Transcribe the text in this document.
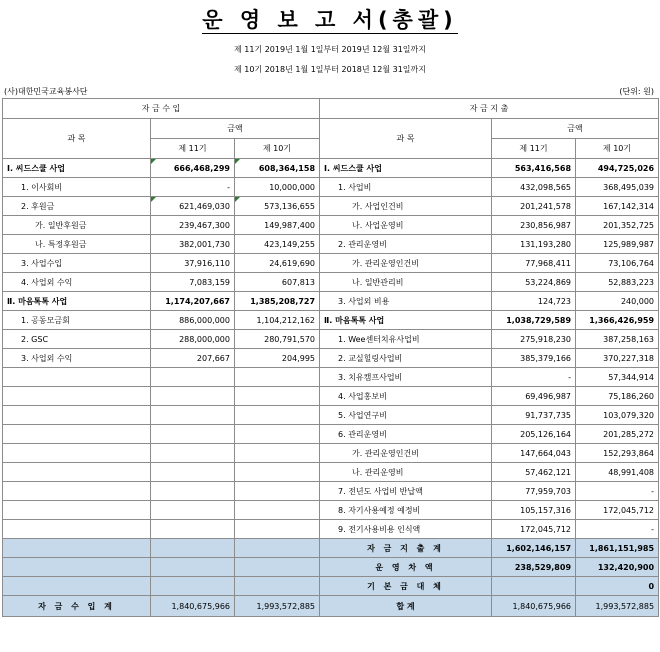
운 영 보 고 서(총괄)
제 11기 2019년 1월 1일부터 2019년 12월 31일까지
제 10기 2018년 1월 1일부터 2018년 12월 31일까지
(사)대한민국교육봉사단	(단위: 원)
자 금 수 입			자 금 지 출		
과 목	금액		과 목	금액	
	제 11기	제 10기		제 11기	제 10기
Ⅰ. 씨드스쿨 사업	666,468,299	608,364,158	Ⅰ. 씨드스쿨 사업	563,416,568	494,725,026
1. 이사회비	-	10,000,000	1. 사업비	432,098,565	368,495,039
2. 후원금	621,469,030	573,136,655	가. 사업인건비	201,241,578	167,142,314
가. 일반후원금	239,467,300	149,987,400	나. 사업운영비	230,856,987	201,352,725
나. 특정후원금	382,001,730	423,149,255	2. 관리운영비	131,193,280	125,989,987
3. 사업수입	37,916,110	24,619,690	가. 관리운영인건비	77,968,411	73,106,764
4. 사업외 수익	7,083,159	607,813	나. 일반관리비	53,224,869	52,883,223
Ⅱ. 마음톡톡 사업	1,174,207,667	1,385,208,727	3. 사업외 비용	124,723	240,000
1. 공동모금회	886,000,000	1,104,212,162	Ⅱ. 마음톡톡 사업	1,038,729,589	1,366,426,959
2. GSC	288,000,000	280,791,570	1. Wee센터치유사업비	275,918,230	387,258,163
3. 사업외 수익	207,667	204,995	2. 교실힐링사업비	385,379,166	370,227,318
			3. 치유캠프사업비	-	57,344,914
			4. 사업홍보비	69,496,987	75,186,260
			5. 사업연구비	91,737,735	103,079,320
			6. 관리운영비	205,126,164	201,285,272
			가. 관리운영인건비	147,664,043	152,293,864
			나. 관리운영비	57,462,121	48,991,408
			7. 전년도 사업비 반납액	77,959,703	-
			8. 자기사용예정 예정비	105,157,316	172,045,712
			9. 전기사용비용 인식액	172,045,712	-
			자 금 지 출 계	1,602,146,157	1,861,151,985
			운 영 차 액	238,529,809	132,420,900
			기 본 금 대 체		0
자 금 수 입 계	1,840,675,966	1,993,572,885	합 계	1,840,675,966	1,993,572,885
